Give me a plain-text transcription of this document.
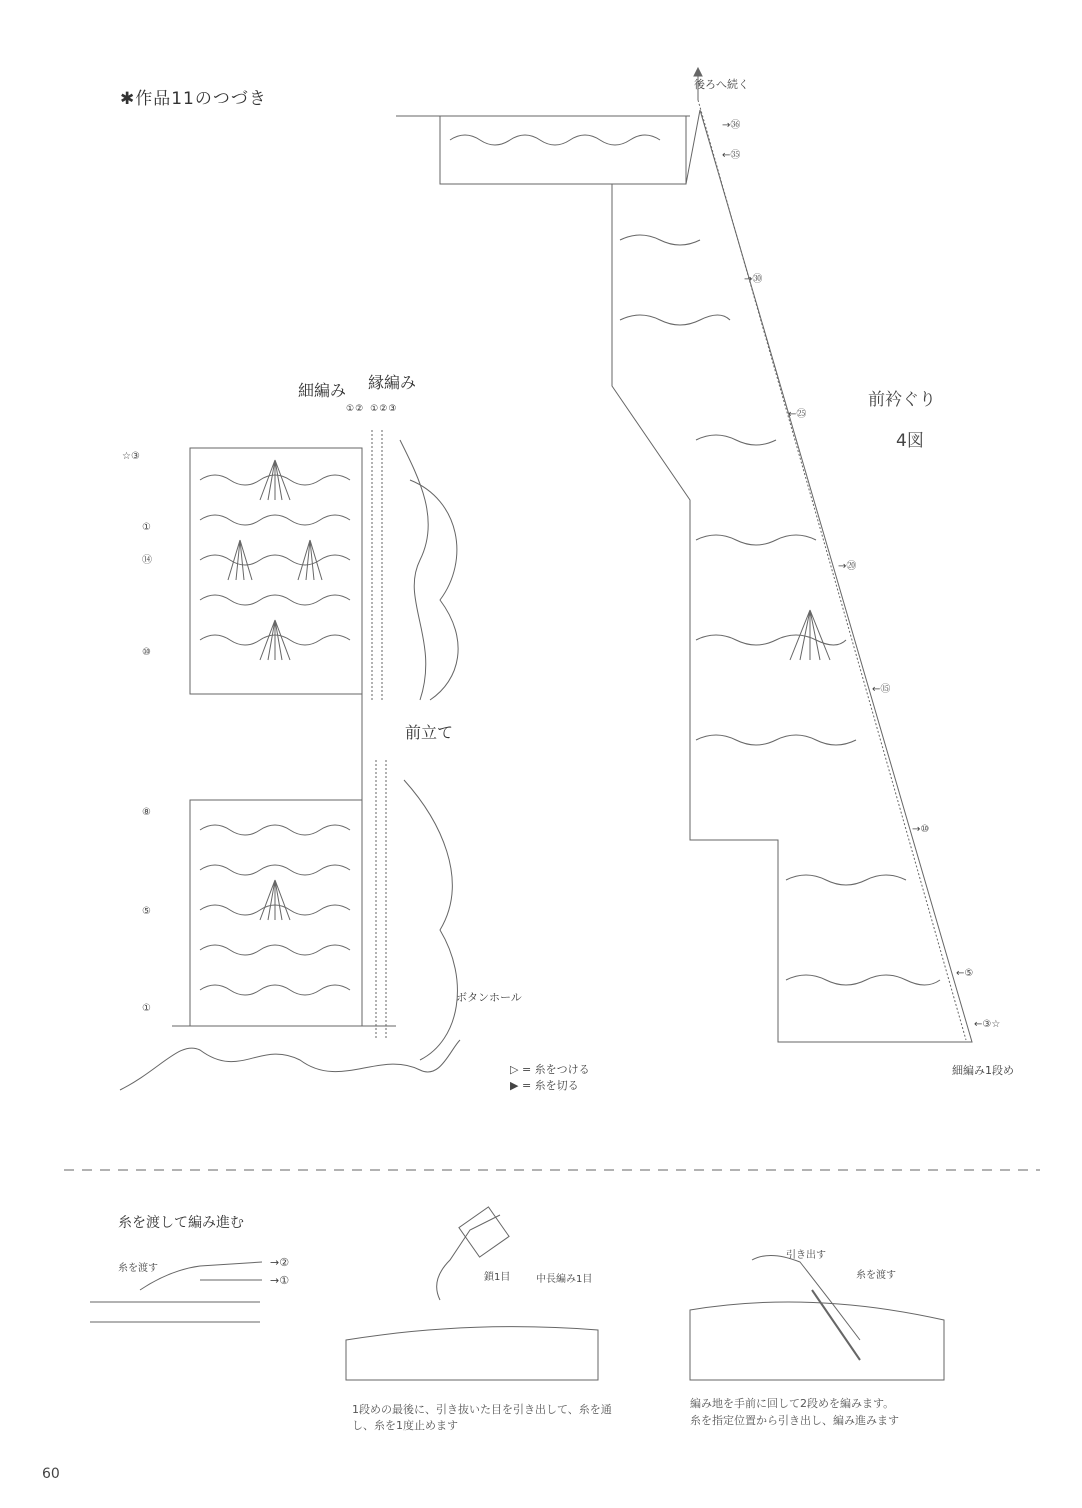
✱作品11のつづき
細編み 縁編み
①② ①②③
☆③
①
⑭
⑩
前立て
⑧
⑤
①
ボタンホール
▷ = 糸をつける
▶ = 糸を切る
後ろへ続く
→㊱
←㉟
→㉚
←㉕
→⑳
←⑮
→⑩
←⑤
←③☆
前衿ぐり
4図
細編み1段め
糸を渡して編み進む
糸を渡す	→②
→①	鎖1目	中長編み1目
1段めの最後に、引き抜いた目を引き出して、糸を通し、糸を1度止めます
引き出す
糸を渡す
編み地を手前に回して2段めを編みます。
糸を指定位置から引き出し、編み進みます
60
